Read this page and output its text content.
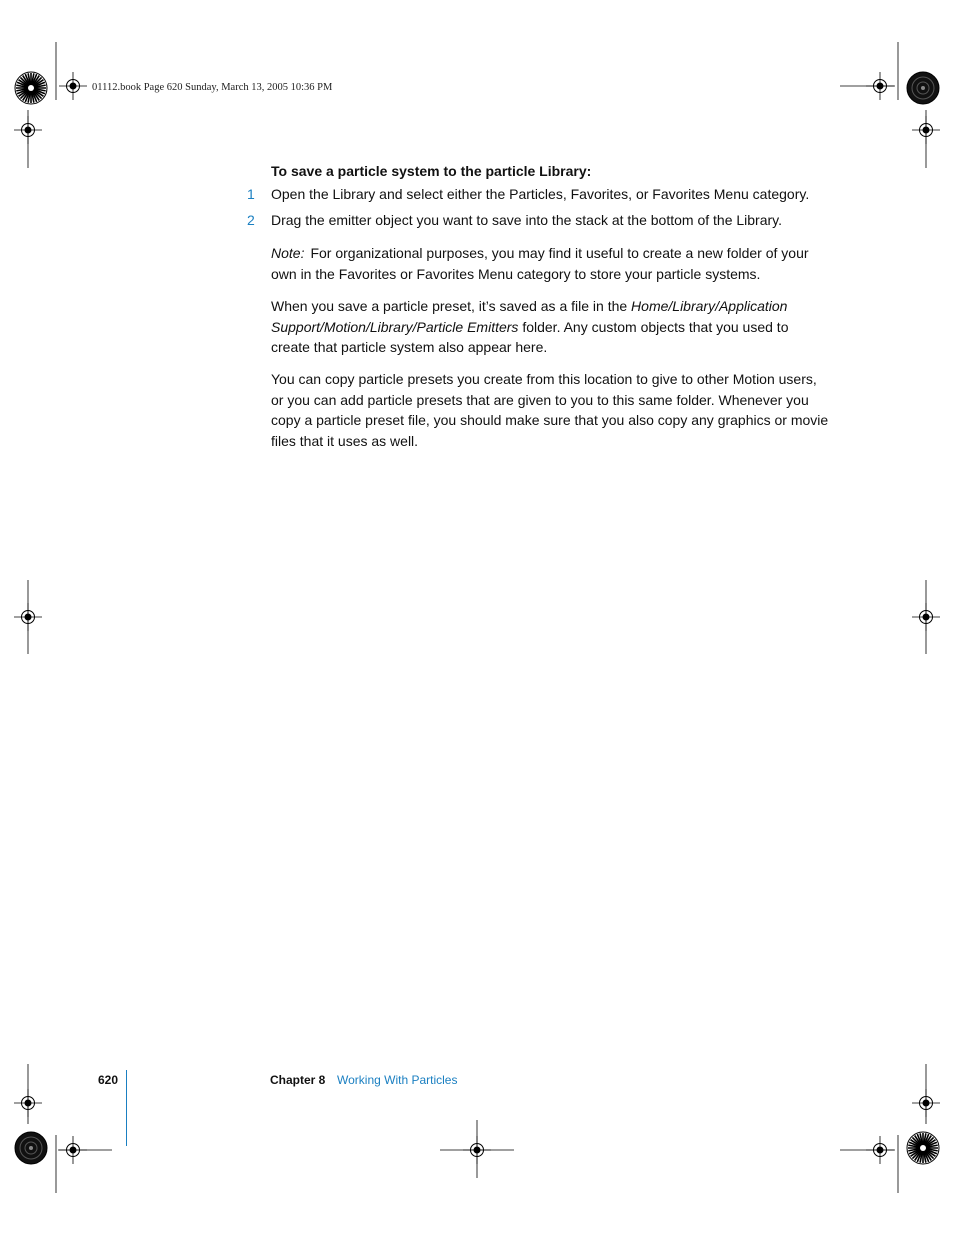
01112.book Page 620 Sunday, March 13, 2005 10:36 PM
To save a particle system to the particle Library:
1 Open the Library and select either the Particles, Favorites, or Favorites Menu category.
2 Drag the emitter object you want to save into the stack at the bottom of the Library.
Note: For organizational purposes, you may find it useful to create a new folder of your own in the Favorites or Favorites Menu category to store your particle systems.
When you save a particle preset, it’s saved as a file in the Home/Library/Application Support/Motion/Library/Particle Emitters folder. Any custom objects that you used to create that particle system also appear here.
You can copy particle presets you create from this location to give to other Motion users, or you can add particle presets that are given to you to this same folder. Whenever you copy a particle preset file, you should make sure that you also copy any graphics or movie files that it uses as well.
620	Chapter 8 Working With Particles
